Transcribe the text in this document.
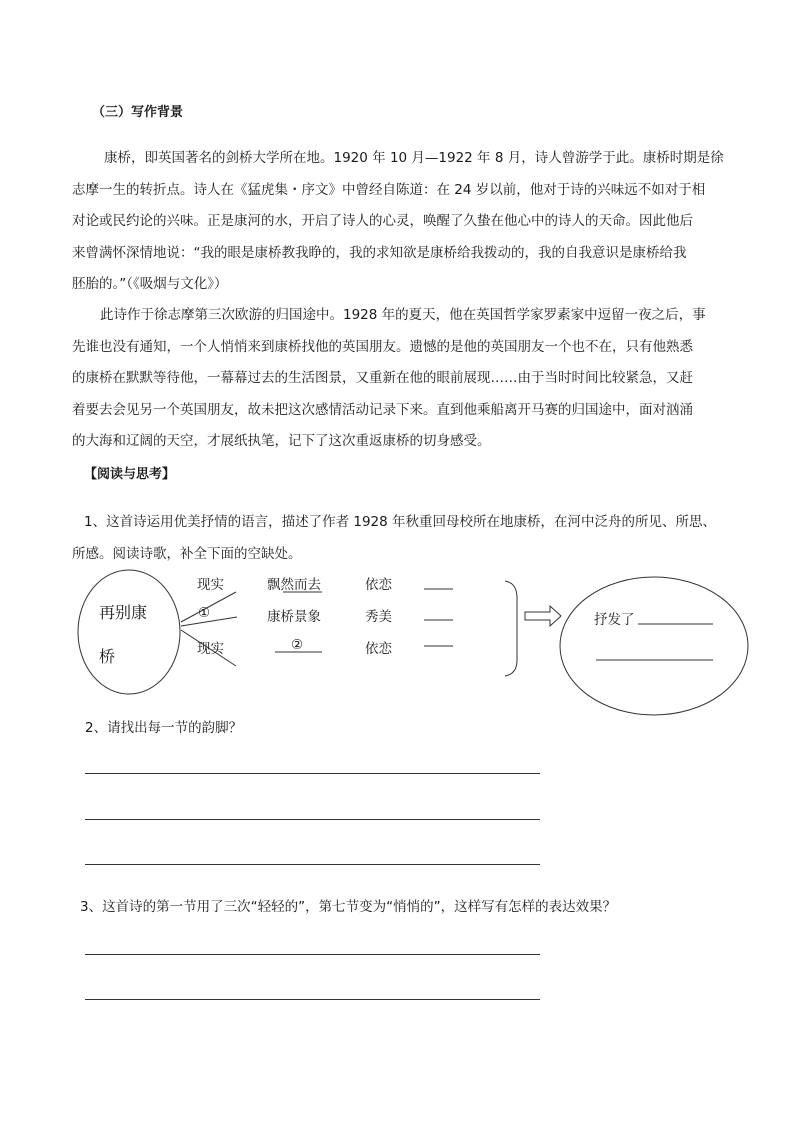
（三）写作背景
康桥，即英国著名的剑桥大学所在地。1920 年 10 月—1922 年 8 月，诗人曾游学于此。康桥时期是徐
志摩一生的转折点。诗人在《猛虎集・序文》中曾经自陈道：在 24 岁以前，他对于诗的兴味远不如对于相
对论或民约论的兴味。正是康河的水，开启了诗人的心灵，唤醒了久蛰在他心中的诗人的天命。因此他后
来曾满怀深情地说：“我的眼是康桥教我睁的，我的求知欲是康桥给我拨动的，我的自我意识是康桥给我
胚胎的。”（《吸烟与文化》）
此诗作于徐志摩第三次欧游的归国途中。1928 年的夏天，他在英国哲学家罗素家中逗留一夜之后，事
先谁也没有通知，一个人悄悄来到康桥找他的英国朋友。遗憾的是他的英国朋友一个也不在，只有他熟悉
的康桥在默默等待他，一幕幕过去的生活图景，又重新在他的眼前展现……由于当时时间比较紧急，又赶
着要去会见另一个英国朋友，故未把这次感情活动记录下来。直到他乘船离开马赛的归国途中，面对汹涌
的大海和辽阔的天空，才展纸执笔，记下了这次重返康桥的切身感受。
【阅读与思考】
1、这首诗运用优美抒情的语言，描述了作者 1928 年秋重回母校所在地康桥，在河中泛舟的所见、所思、
所感。阅读诗歌，补全下面的空缺处。
再别康
桥
现实	飘然而去	依恋
①	康桥景象	秀美
现实	②	依恋
抒发了
2、请找出每一节的韵脚？
3、这首诗的第一节用了三次“轻轻的”，第七节变为“悄悄的”，这样写有怎样的表达效果？
